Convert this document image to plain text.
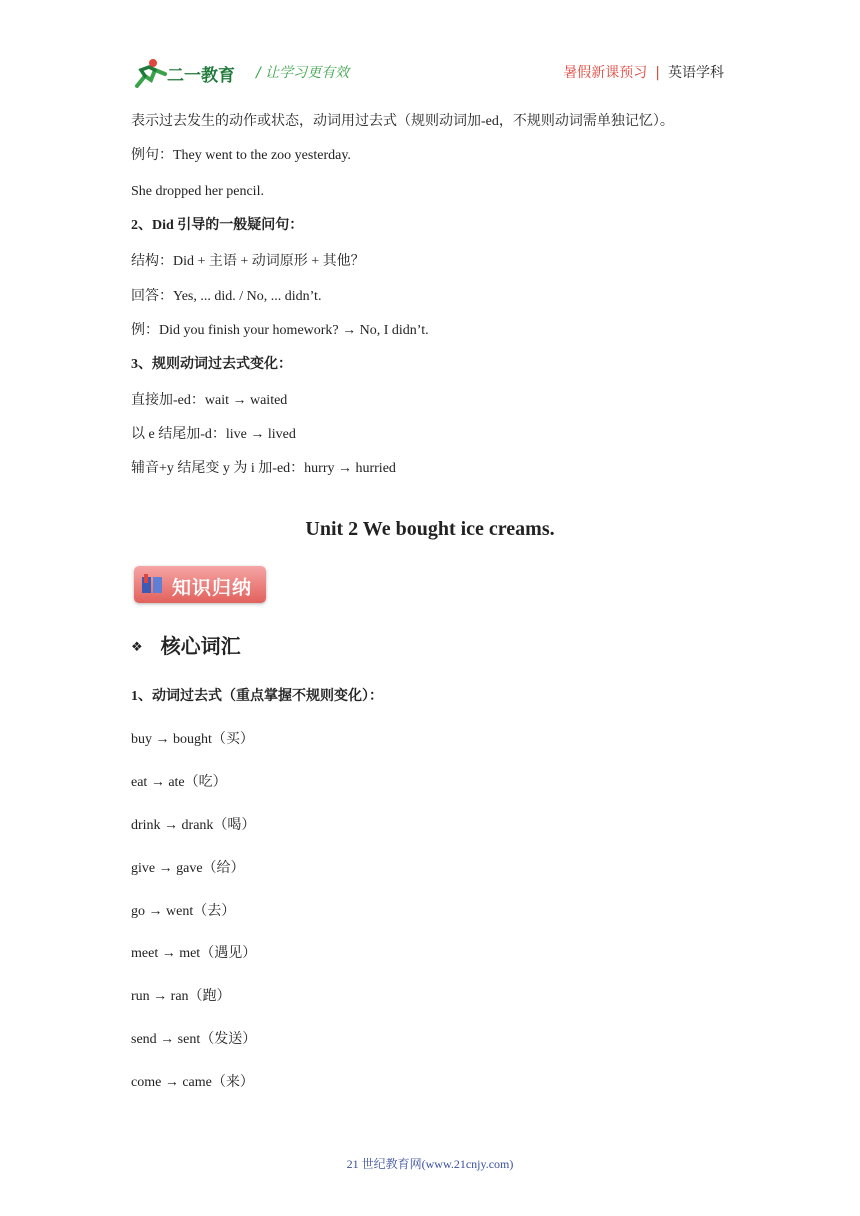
二一教育 / 让学习更有效	暑假新课预习 | 英语学科
表示过去发生的动作或状态，动词用过去式（规则动词加-ed，不规则动词需单独记忆）。
例句：They went to the zoo yesterday.
She dropped her pencil.
2、Did 引导的一般疑问句：
结构：Did + 主语 + 动词原形 + 其他？
回答：Yes, ... did. / No, ... didn’t.
例：Did you finish your homework? → No, I didn’t.
3、规则动词过去式变化：
直接加-ed：wait → waited
以 e 结尾加-d：live → lived
辅音+y 结尾变 y 为 i 加-ed：hurry → hurried
Unit 2 We bought ice creams.
知识归纳
❖ 核心词汇
1、动词过去式（重点掌握不规则变化）：
buy → bought（买）
eat → ate（吃）
drink → drank（喝）
give → gave（给）
go → went（去）
meet → met（遇见）
run → ran（跑）
send → sent（发送）
come → came（来）
21 世纪教育网(www.21cnjy.com)
